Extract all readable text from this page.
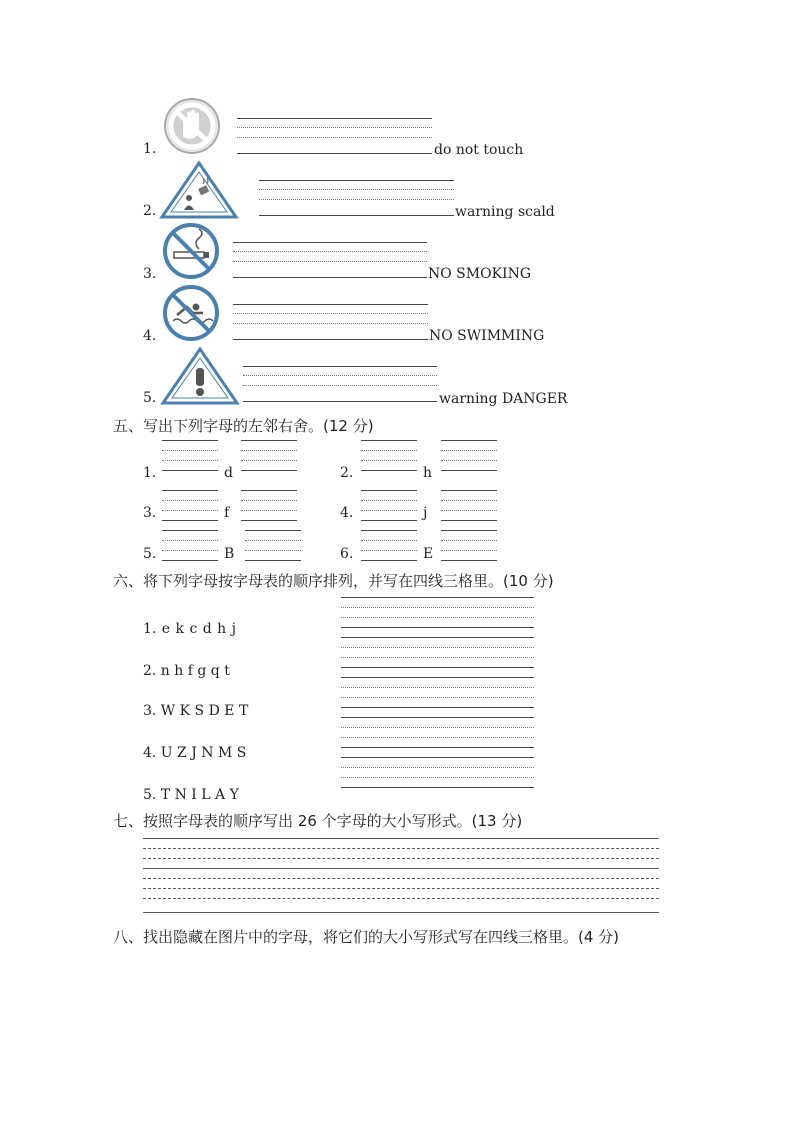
1.	do not touch
2.	warning scald
3.	NO SMOKING
4.	NO SWIMMING
5.	warning DANGER
五、写出下列字母的左邻右舍。(12 分)
1.	d	2.	h
3.	f	4.	j
5.	B	6.	E
六、将下列字母按字母表的顺序排列，并写在四线三格里。(10 分)
1. e k c d h j
2. n h f g q t
3. W K S D E T
4. U Z J N M S
5. T N I L A Y
七、按照字母表的顺序写出 26 个字母的大小写形式。(13 分)
八、找出隐藏在图片中的字母，将它们的大小写形式写在四线三格里。(4 分)
